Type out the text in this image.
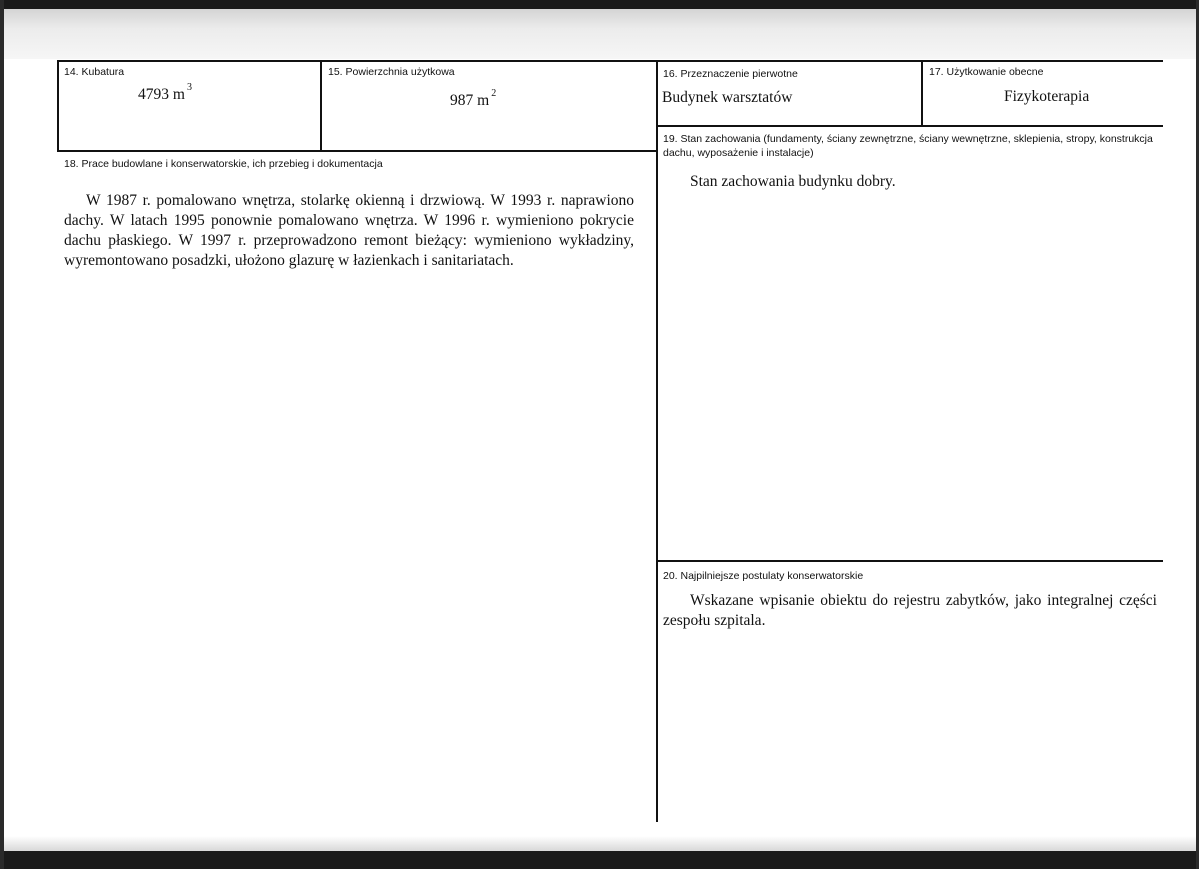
14. Kubatura
4793 m $^3$
15. Powierzchnia użytkowa
987 m $^2$
16. Przeznaczenie pierwotne
Budynek warsztatów
17. Użytkowanie obecne
Fizykoterapia
18. Prace budowlane i konserwatorskie, ich przebieg i dokumentacja
W 1987 r. pomalowano wnętrza, stolarkę okienną i drzwiową. W 1993 r. naprawiono dachy. W latach 1995 ponownie pomalowano wnętrza. W 1996 r. wymieniono pokrycie dachu płaskiego. W 1997 r. przeprowadzono remont bieżący: wymieniono wykładziny, wyremontowano posadzki, ułożono glazurę w łazienkach i sanitariatach.
19. Stan zachowania (fundamenty, ściany zewnętrzne, ściany wewnętrzne, sklepienia, stropy, konstrukcja dachu, wyposażenie i instalacje)
Stan zachowania budynku dobry.
20. Najpilniejsze postulaty konserwatorskie
Wskazane wpisanie obiektu do rejestru zabytków, jako integralnej części zespołu szpitala.
